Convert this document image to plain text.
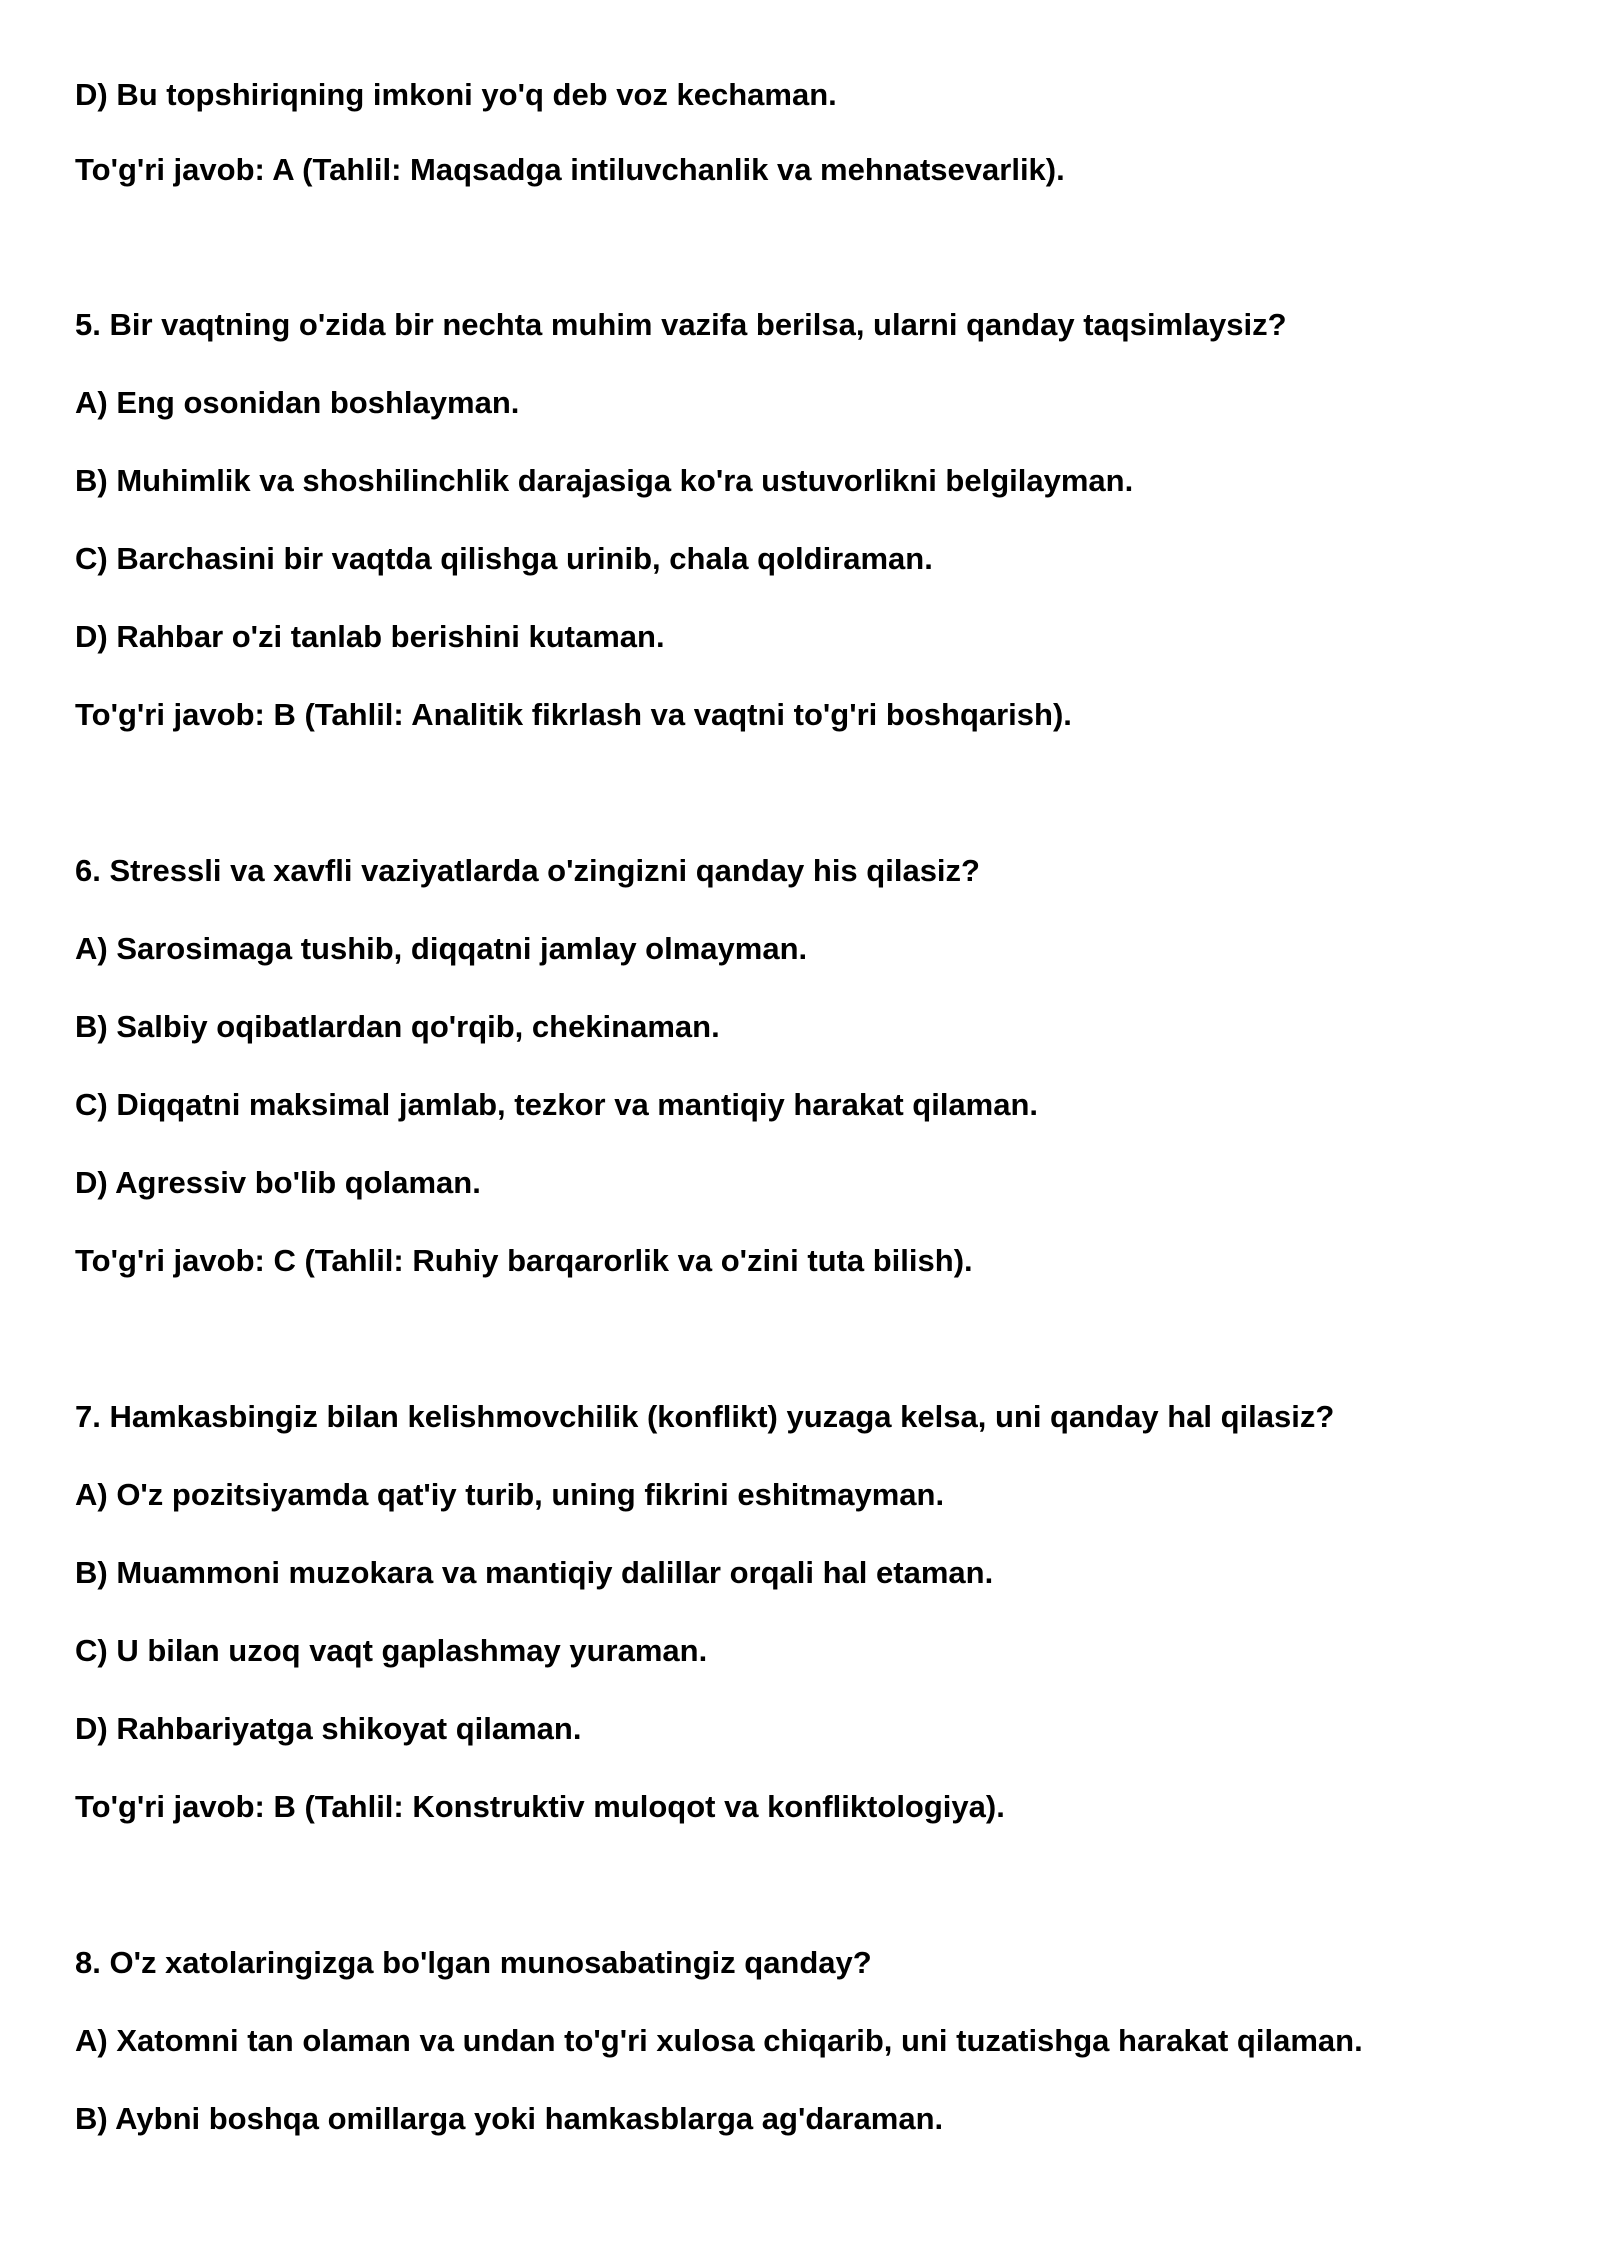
D) Bu topshiriqning imkoni yo'q deb voz kechaman.
To'g'ri javob: A (Tahlil: Maqsadga intiluvchanlik va mehnatsevarlik).
5. Bir vaqtning o'zida bir nechta muhim vazifa berilsa, ularni qanday taqsimlaysiz?
A) Eng osonidan boshlayman.
B) Muhimlik va shoshilinchlik darajasiga ko'ra ustuvorlikni belgilayman.
C) Barchasini bir vaqtda qilishga urinib, chala qoldiraman.
D) Rahbar o'zi tanlab berishini kutaman.
To'g'ri javob: B (Tahlil: Analitik fikrlash va vaqtni to'g'ri boshqarish).
6. Stressli va xavfli vaziyatlarda o'zingizni qanday his qilasiz?
A) Sarosimaga tushib, diqqatni jamlay olmayman.
B) Salbiy oqibatlardan qo'rqib, chekinaman.
C) Diqqatni maksimal jamlab, tezkor va mantiqiy harakat qilaman.
D) Agressiv bo'lib qolaman.
To'g'ri javob: C (Tahlil: Ruhiy barqarorlik va o'zini tuta bilish).
7. Hamkasbingiz bilan kelishmovchilik (konflikt) yuzaga kelsa, uni qanday hal qilasiz?
A) O'z pozitsiyamda qat'iy turib, uning fikrini eshitmayman.
B) Muammoni muzokara va mantiqiy dalillar orqali hal etaman.
C) U bilan uzoq vaqt gaplashmay yuraman.
D) Rahbariyatga shikoyat qilaman.
To'g'ri javob: B (Tahlil: Konstruktiv muloqot va konfliktologiya).
8. O'z xatolaringizga bo'lgan munosabatingiz qanday?
A) Xatomni tan olaman va undan to'g'ri xulosa chiqarib, uni tuzatishga harakat qilaman.
B) Aybni boshqa omillarga yoki hamkasblarga ag'daraman.
